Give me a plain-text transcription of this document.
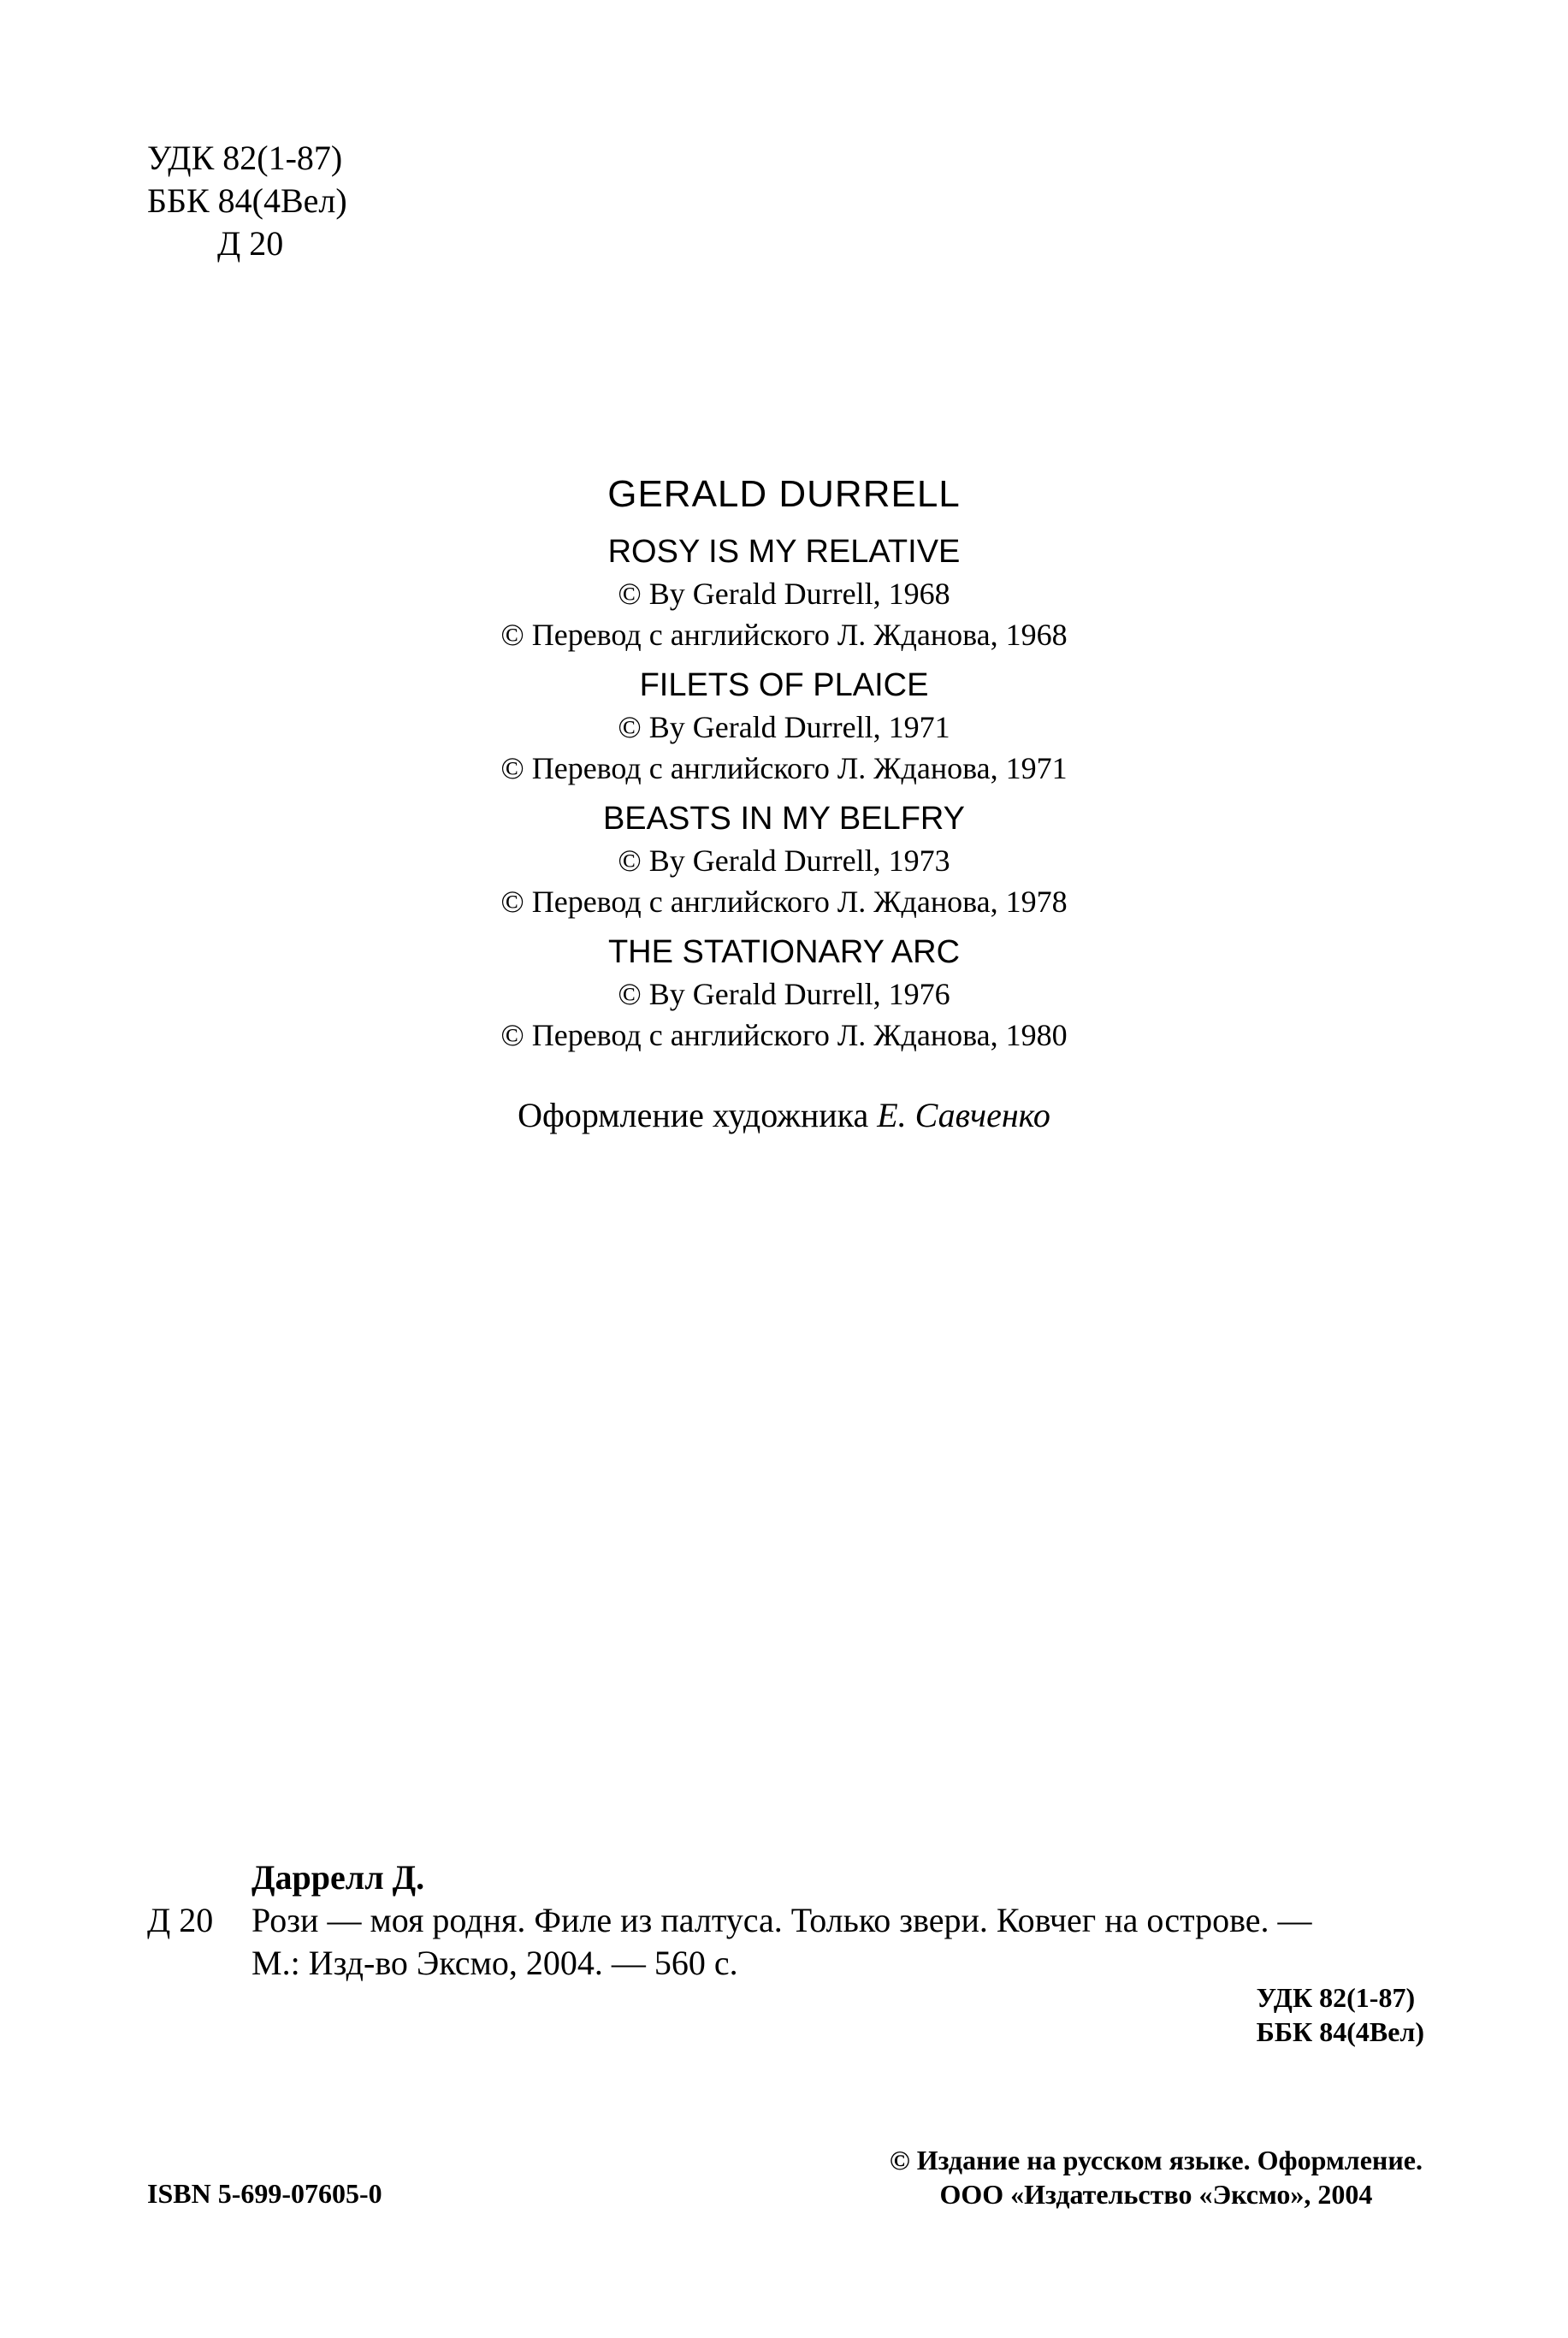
УДК 82(1-87)
ББК 84(4Вел)
Д 20
GERALD DURRELL
ROSY IS MY RELATIVE
© By Gerald Durrell, 1968
© Перевод с английского Л. Жданова, 1968
FILETS OF PLAICE
© By Gerald Durrell, 1971
© Перевод с английского Л. Жданова, 1971
BEASTS IN MY BELFRY
© By Gerald Durrell, 1973
© Перевод с английского Л. Жданова, 1978
THE STATIONARY ARC
© By Gerald Durrell, 1976
© Перевод с английского Л. Жданова, 1980
Оформление художника Е. Савченко
Даррелл Д.
Д 20	Рози — моя родня. Филе из палтуса. Только звери. Ковчег на острове. —
М.: Изд-во Эксмо, 2004. — 560 с.
УДК 82(1-87)
ББК 84(4Вел)
ISBN 5-699-07605-0
© Издание на русском языке. Оформление.
ООО «Издательство «Эксмо», 2004
